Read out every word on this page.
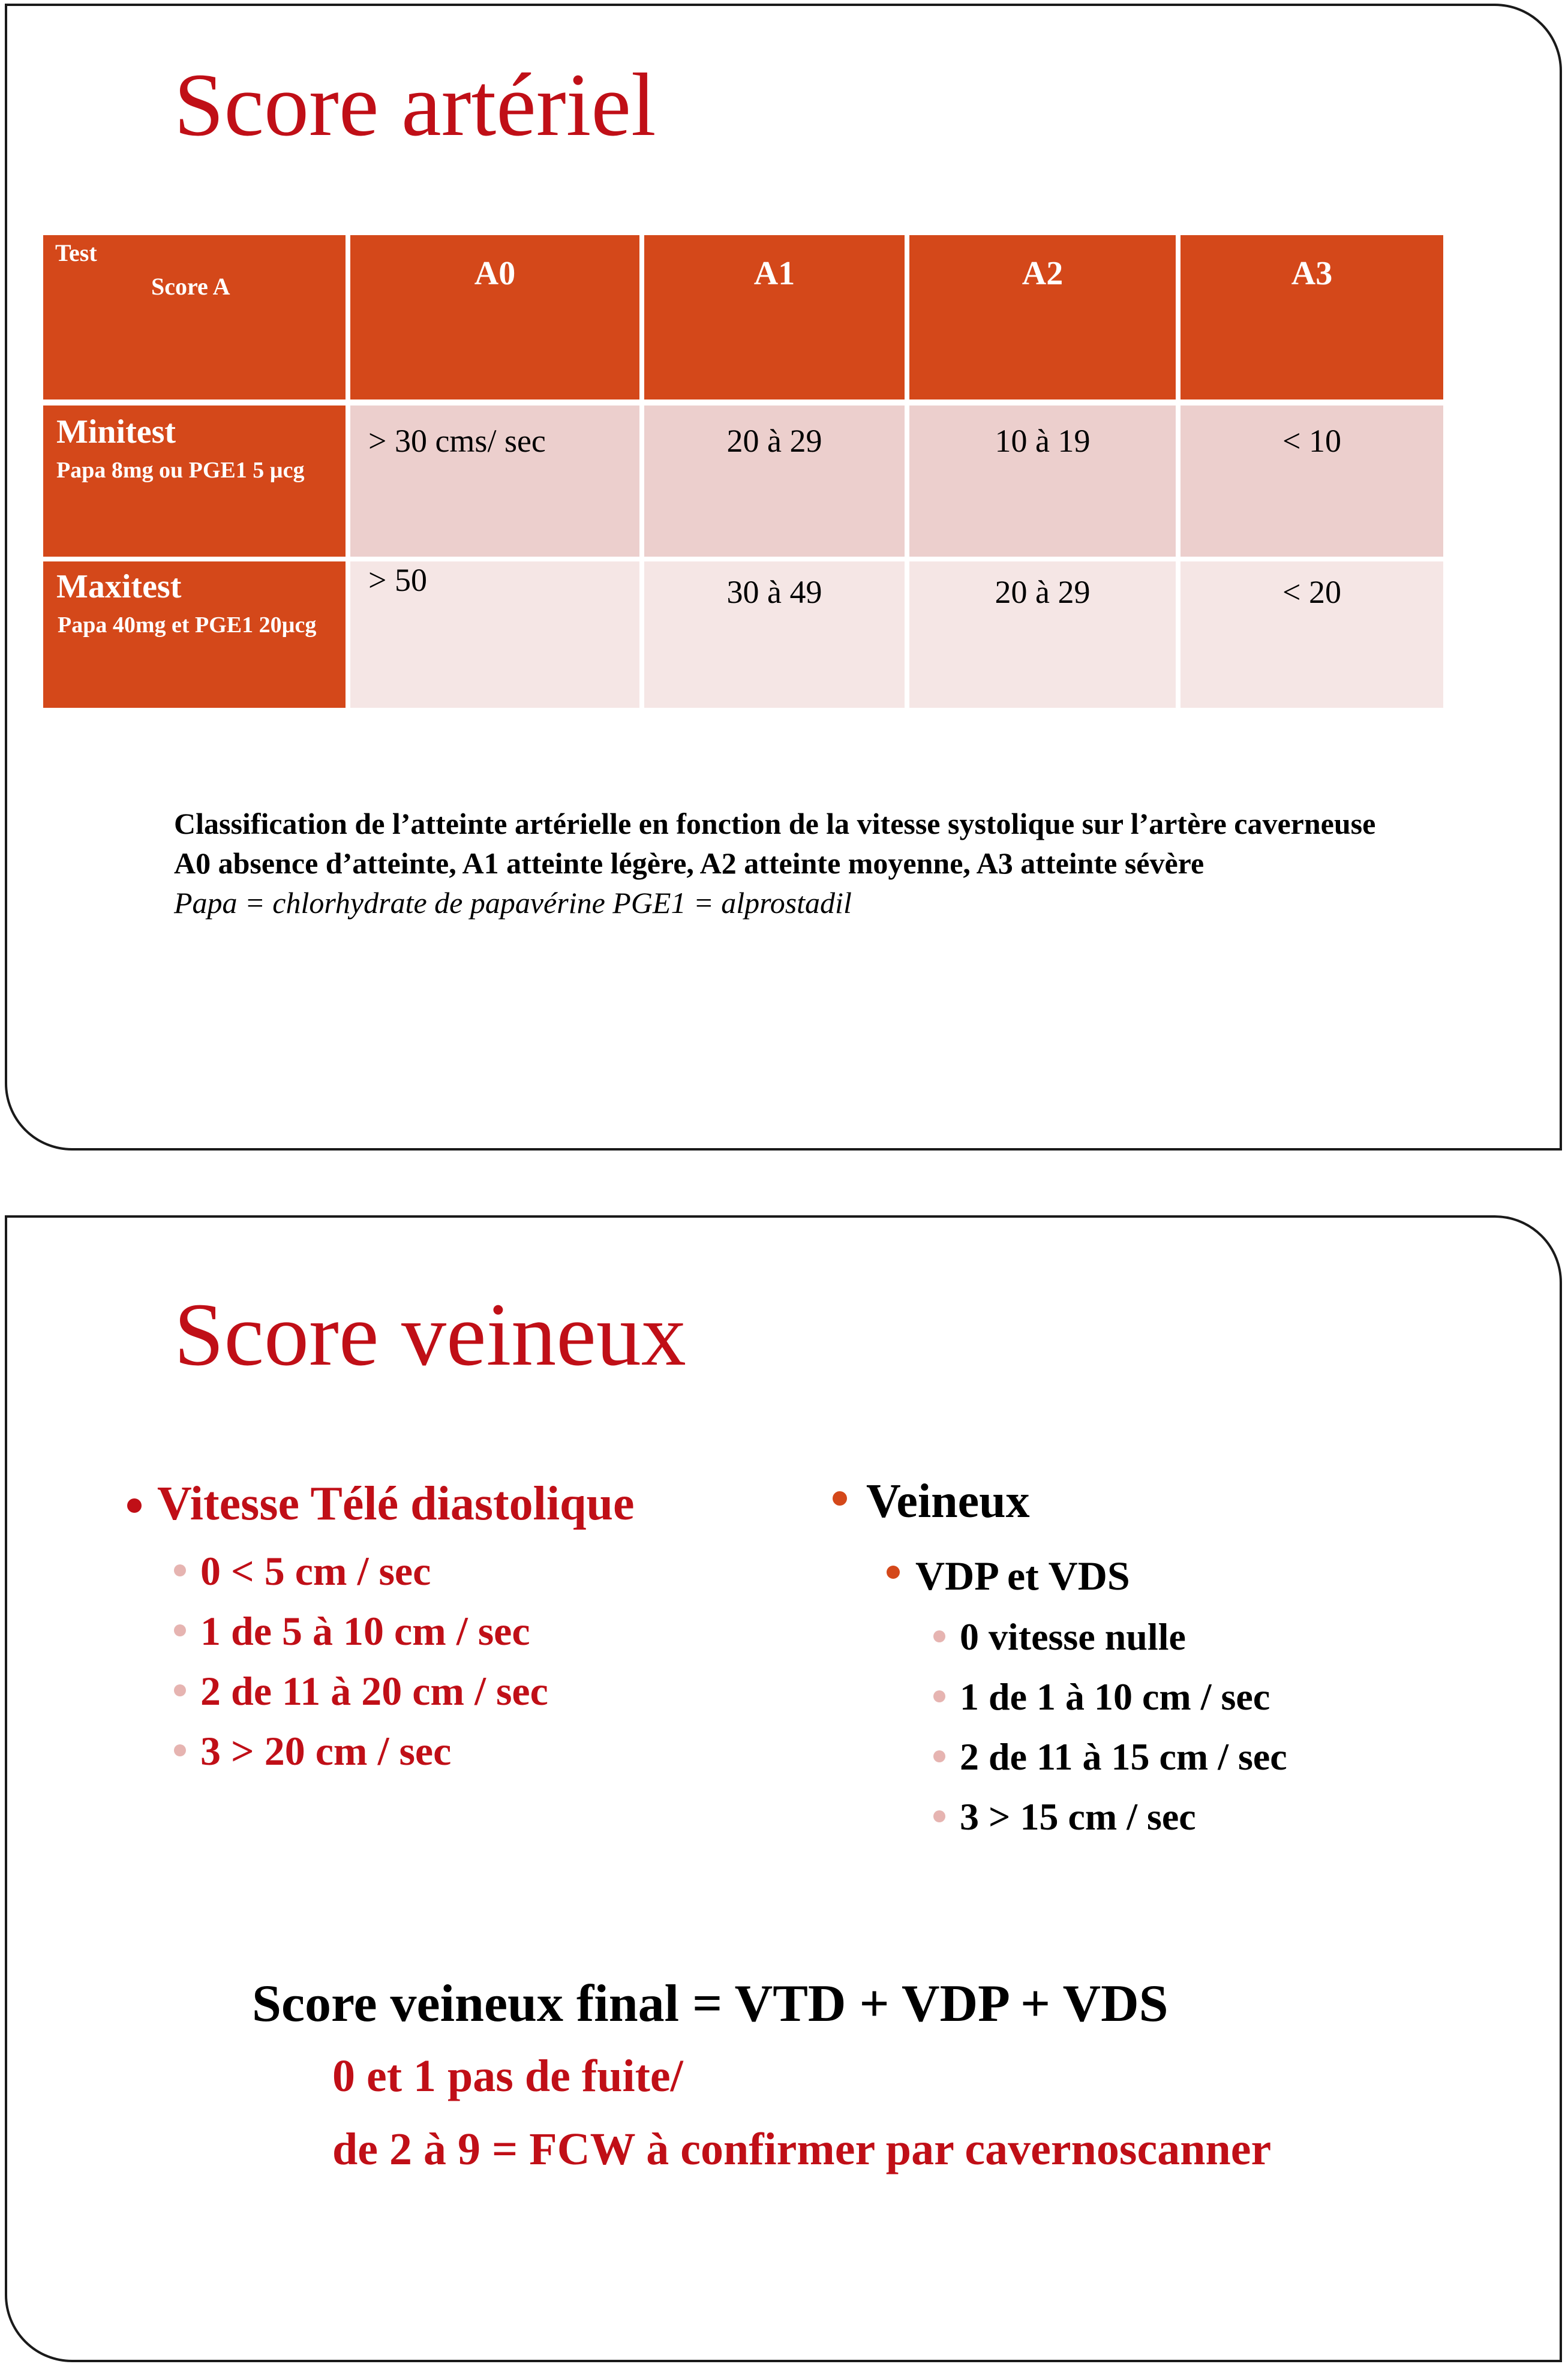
Score artériel
Test
Score A	A0	A1	A2	A3
Minitest
Papa 8mg ou PGE1 5 µcg
> 30 cms/ sec	20 à 29	10 à 19	< 10
Maxitest
Papa 40mg et PGE1 20µcg
> 50	30 à 49	20 à 29	< 20
Classification de l’atteinte artérielle en fonction de la vitesse systolique sur l’artère caverneuse
A0 absence d’atteinte, A1 atteinte légère, A2 atteinte moyenne, A3 atteinte sévère
Papa = chlorhydrate de papavérine PGE1 = alprostadil
Score veineux
Vitesse Télé diastolique
0 < 5 cm / sec
1 de 5 à 10 cm / sec
2 de 11 à 20 cm / sec
3 > 20 cm / sec
Veineux
VDP et VDS
0 vitesse nulle
1 de 1 à 10 cm / sec
2 de 11 à 15 cm / sec
3 > 15 cm / sec
Score veineux final = VTD + VDP + VDS
0 et 1 pas de fuite/
de 2 à 9 = FCW à confirmer par cavernoscanner
